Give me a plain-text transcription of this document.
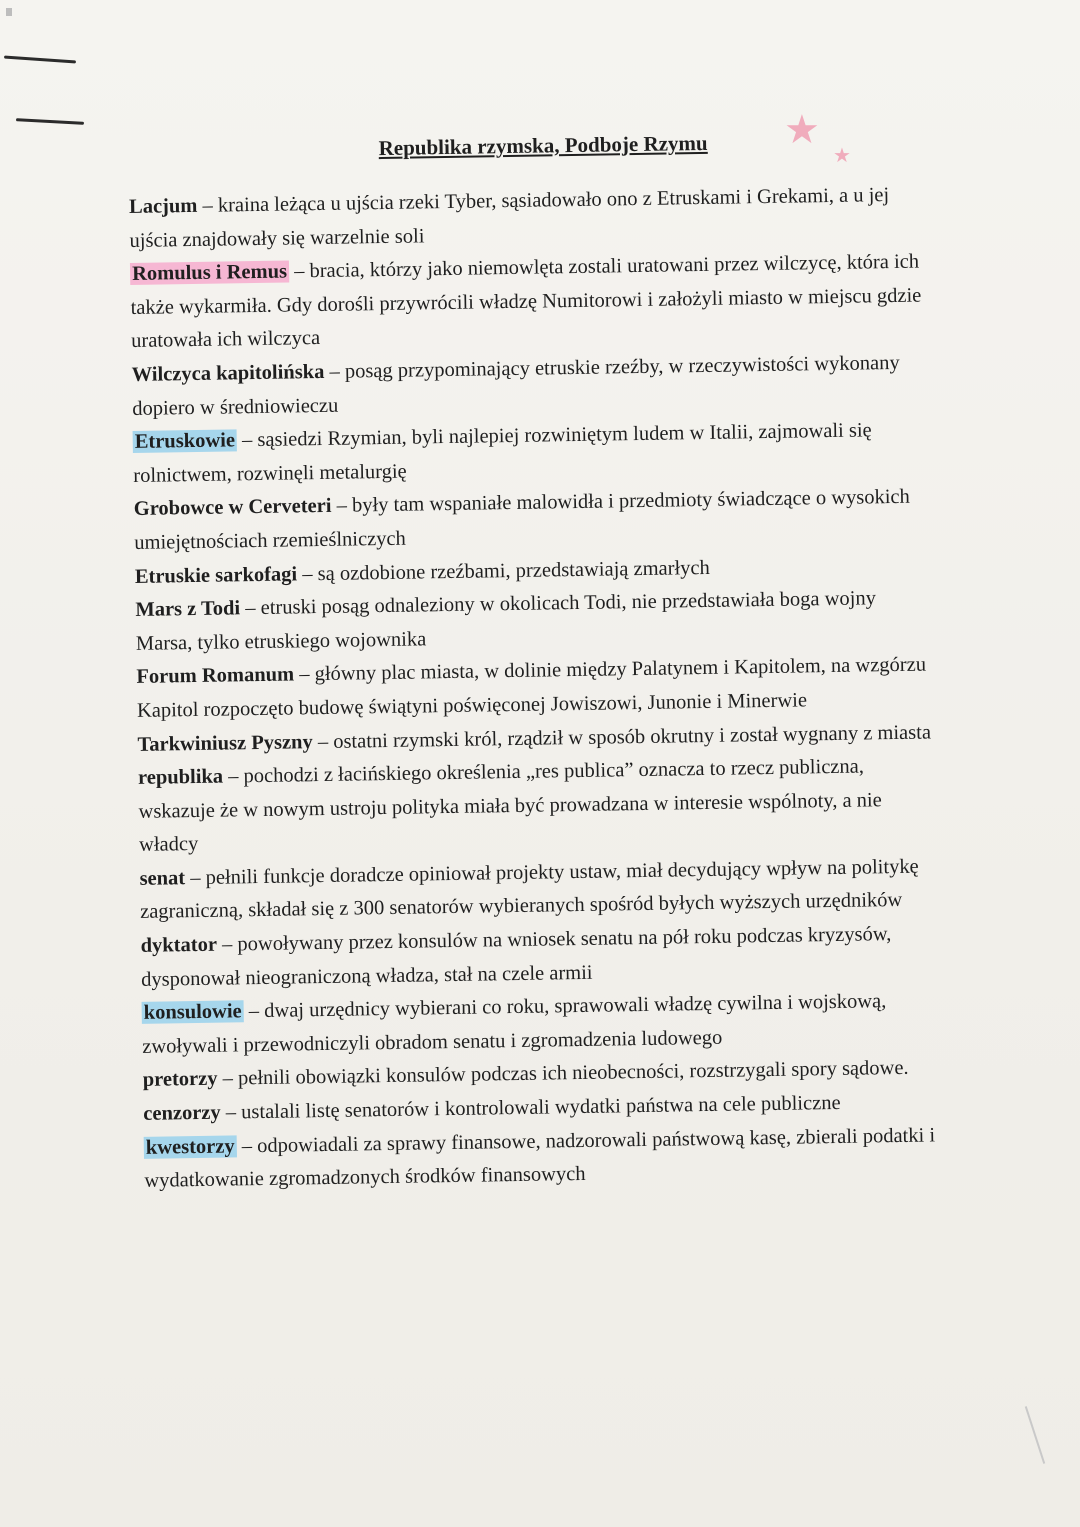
★
★
Republika rzymska, Podboje Rzymu

Lacjum – kraina leżąca u ujścia rzeki Tyber, sąsiadowało ono z Etruskami i Grekami, a u jej ujścia znajdowały się warzelnie soli

Romulus i Remus – bracia, którzy jako niemowlęta zostali uratowani przez wilczycę, która ich także wykarmiła. Gdy dorośli przywrócili władzę Numitorowi i założyli miasto w miejscu gdzie uratowała ich wilczyca

Wilczyca kapitolińska – posąg przypominający etruskie rzeźby, w rzeczywistości wykonany dopiero w średniowieczu

Etruskowie – sąsiedzi Rzymian, byli najlepiej rozwiniętym ludem w Italii, zajmowali się rolnictwem, rozwinęli metalurgię

Grobowce w Cerveteri – były tam wspaniałe malowidła i przedmioty świadczące o wysokich umiejętnościach rzemieślniczych

Etruskie sarkofagi – są ozdobione rzeźbami, przedstawiają zmarłych

Mars z Todi – etruski posąg odnaleziony w okolicach Todi, nie przedstawiała boga wojny Marsa, tylko etruskiego wojownika

Forum Romanum – główny plac miasta, w dolinie między Palatynem i Kapitolem, na wzgórzu Kapitol rozpoczęto budowę świątyni poświęconej Jowiszowi, Junonie i Minerwie

Tarkwiniusz Pyszny – ostatni rzymski król, rządził w sposób okrutny i został wygnany z miasta

republika – pochodzi z łacińskiego określenia „res publica” oznacza to rzecz publiczna, wskazuje że w nowym ustroju polityka miała być prowadzana w interesie wspólnoty, a nie władcy

senat – pełnili funkcje doradcze opiniował projekty ustaw, miał decydujący wpływ na politykę zagraniczną, składał się z 300 senatorów wybieranych spośród byłych wyższych urzędników

dyktator – powoływany przez konsulów na wniosek senatu na pół roku podczas kryzysów, dysponował nieograniczoną władza, stał na czele armii

konsulowie – dwaj urzędnicy wybierani co roku, sprawowali władzę cywilna i wojskową, zwoływali i przewodniczyli obradom senatu i zgromadzenia ludowego

pretorzy – pełnili obowiązki konsulów podczas ich nieobecności, rozstrzygali spory sądowe.

cenzorzy – ustalali listę senatorów i kontrolowali wydatki państwa na cele publiczne

kwestorzy – odpowiadali za sprawy finansowe, nadzorowali państwową kasę, zbierali podatki i wydatkowanie zgromadzonych środków finansowych
